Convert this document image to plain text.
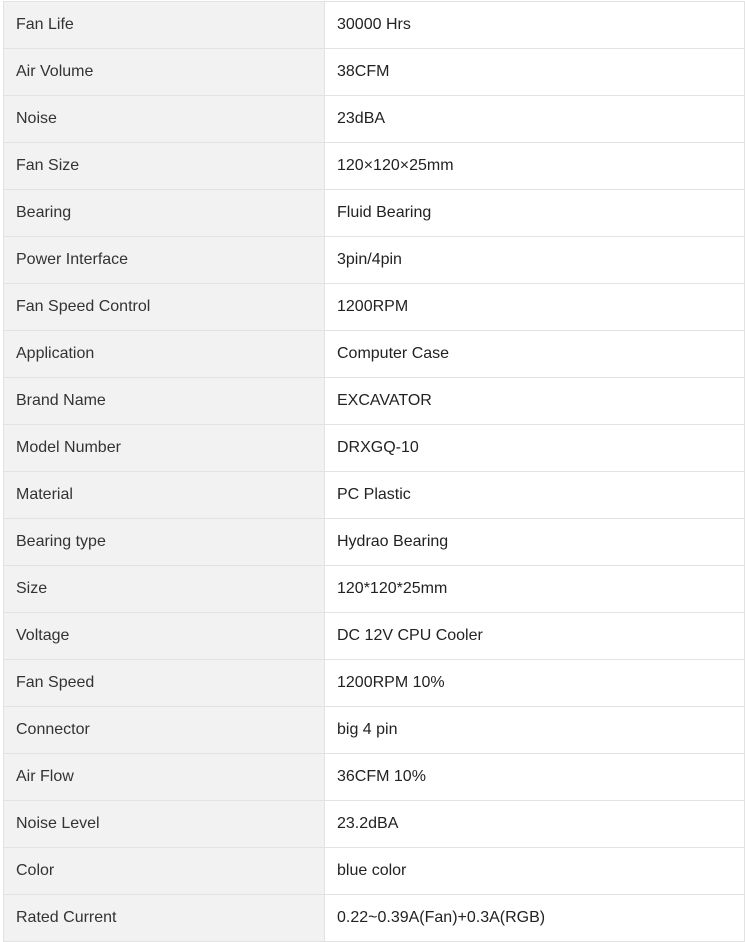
Fan Life	30000 Hrs
Air Volume	38CFM
Noise	23dBA
Fan Size	120×120×25mm
Bearing	Fluid Bearing
Power Interface	3pin/4pin
Fan Speed Control	1200RPM
Application	Computer Case
Brand Name	EXCAVATOR
Model Number	DRXGQ-10
Material	PC Plastic
Bearing type	Hydrao Bearing
Size	120*120*25mm
Voltage	DC 12V CPU Cooler
Fan Speed	1200RPM 10%
Connector	big 4 pin
Air Flow	36CFM 10%
Noise Level	23.2dBA
Color	blue color
Rated Current	0.22~0.39A(Fan)+0.3A(RGB)
